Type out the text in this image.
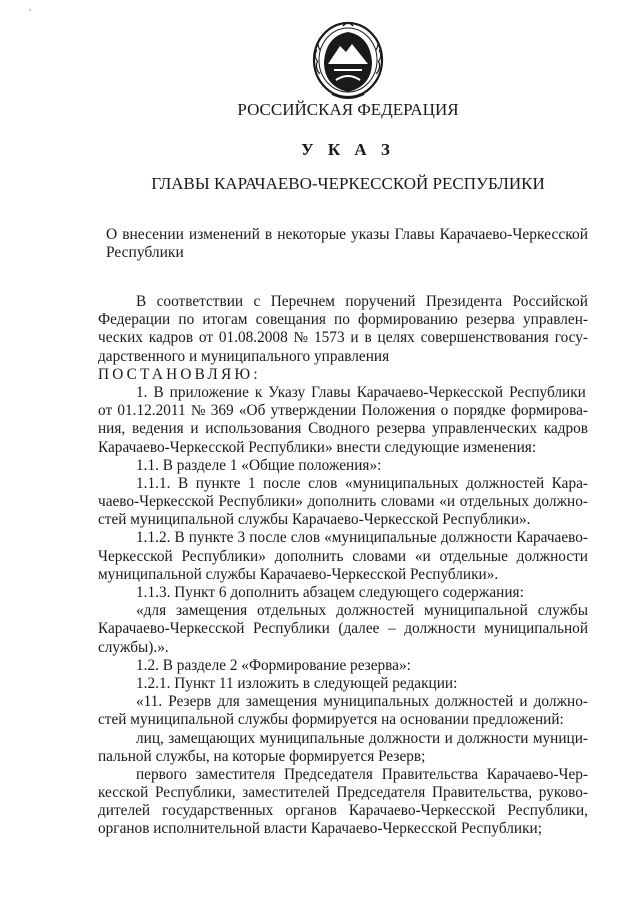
РОССИЙСКАЯ ФЕДЕРАЦИЯ
У К А З
ГЛАВЫ КАРАЧАЕВО-ЧЕРКЕССКОЙ РЕСПУБЛИКИ
О внесении изменений в некоторые указы Главы Карачаево-Черкесской Республики
В соответствии с Перечнем поручений Президента Российской
Федерации по итогам совещания по формированию резерва управлен-
ческих кадров от 01.08.2008 № 1573 и в целях совершенствования госу-
дарственного и муниципального управления
ПОСТАНОВЛЯЮ:
1. В приложение к Указу Главы Карачаево-Черкесской Республики
от 01.12.2011 № 369 «Об утверждении Положения о порядке формирова-
ния, ведения и использования Сводного резерва управленческих кадров
Карачаево-Черкесской Республики» внести следующие изменения:
1.1. В разделе 1 «Общие положения»:
1.1.1. В пункте 1 после слов «муниципальных должностей Кара-
чаево-Черкесской Республики» дополнить словами «и отдельных должно-
стей муниципальной службы Карачаево-Черкесской Республики».
1.1.2. В пункте 3 после слов «муниципальные должности Карачаево-
Черкесской Республики» дополнить словами «и отдельные должности
муниципальной службы Карачаево-Черкесской Республики».
1.1.3. Пункт 6 дополнить абзацем следующего содержания:
«для замещения отдельных должностей муниципальной службы
Карачаево-Черкесской Республики (далее – должности муниципальной
службы).».
1.2. В разделе 2 «Формирование резерва»:
1.2.1. Пункт 11 изложить в следующей редакции:
«11. Резерв для замещения муниципальных должностей и должно-
стей муниципальной службы формируется на основании предложений:
лиц, замещающих муниципальные должности и должности муници-
пальной службы, на которые формируется Резерв;
первого заместителя Председателя Правительства Карачаево-Чер-
кесской Республики, заместителей Председателя Правительства, руково-
дителей государственных органов Карачаево-Черкесской Республики,
органов исполнительной власти Карачаево-Черкесской Республики;
